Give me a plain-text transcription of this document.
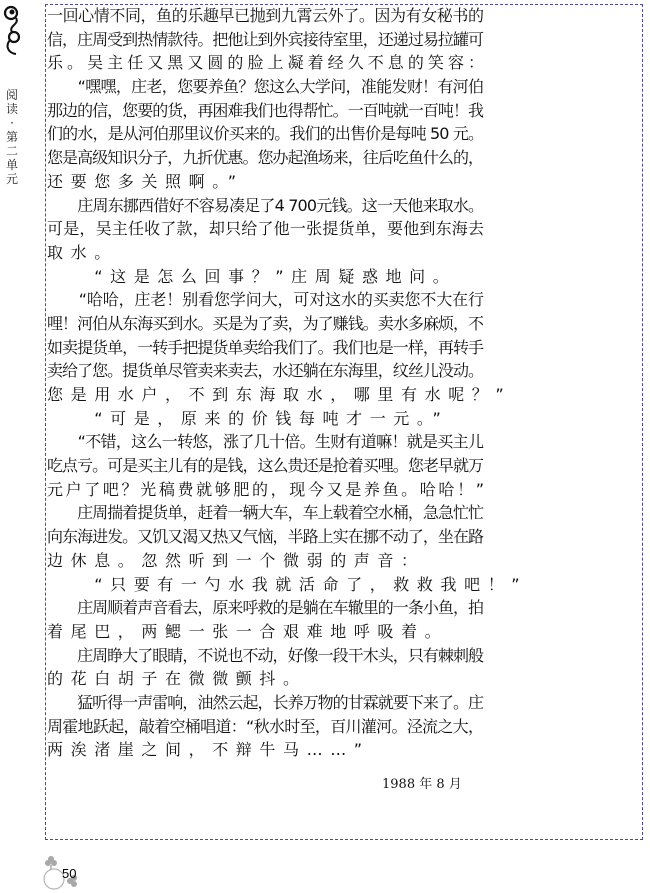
阅
读
·
第
二
单
元
一回心情不同，鱼的乐趣早已抛到九霄云外了。因为有女秘书的
信，庄周受到热情款待。把他让到外宾接待室里，还递过易拉罐可
乐。吴主任又黑又圆的脸上凝着经久不息的笑容：
　　“嘿嘿，庄老，您要养鱼？您这么大学问，准能发财！有河伯
那边的信，您要的货，再困难我们也得帮忙。一百吨就一百吨！我
们的水，是从河伯那里议价买来的。我们的出售价是每吨 50 元。
您是高级知识分子，九折优惠。您办起渔场来，往后吃鱼什么的，
还要您多关照啊。”
　　庄周东挪西借好不容易凑足了4 700元钱。这一天他来取水。
可是，吴主任收了款，却只给了他一张提货单，要他到东海去
取水。
　　“这是怎么回事？”庄周疑惑地问。
　　“哈哈，庄老！别看您学问大，可对这水的买卖您不大在行
哩！河伯从东海买到水。买是为了卖，为了赚钱。卖水多麻烦，不
如卖提货单，一转手把提货单卖给我们了。我们也是一样，再转手
卖给了您。提货单尽管卖来卖去，水还躺在东海里，纹丝儿没动。
您是用水户，不到东海取水，哪里有水呢？”
　　“可是，原来的价钱每吨才一元。”
　　“不错，这么一转悠，涨了几十倍。生财有道嘛！就是买主儿
吃点亏。可是买主儿有的是钱，这么贵还是抢着买哩。您老早就万
元户了吧？光稿费就够肥的，现今又是养鱼。哈哈！”
　　庄周揣着提货单，赶着一辆大车，车上载着空水桶，急急忙忙
向东海进发。又饥又渴又热又气恼，半路上实在挪不动了，坐在路
边休息。忽然听到一个微弱的声音：
　　“只要有一勺水我就活命了，救救我吧！”
　　庄周顺着声音看去，原来呼救的是躺在车辙里的一条小鱼，拍
着尾巴，两鳃一张一合艰难地呼吸着。
　　庄周睁大了眼睛，不说也不动，好像一段干木头，只有棘刺般
的花白胡子在微微颤抖。
　　猛听得一声雷响，油然云起，长养万物的甘霖就要下来了。庄
周霍地跃起，敲着空桶唱道：“秋水时至，百川灌河。泾流之大，
两涘渚崖之间，不辩牛马……”
1988 年 8 月
50
